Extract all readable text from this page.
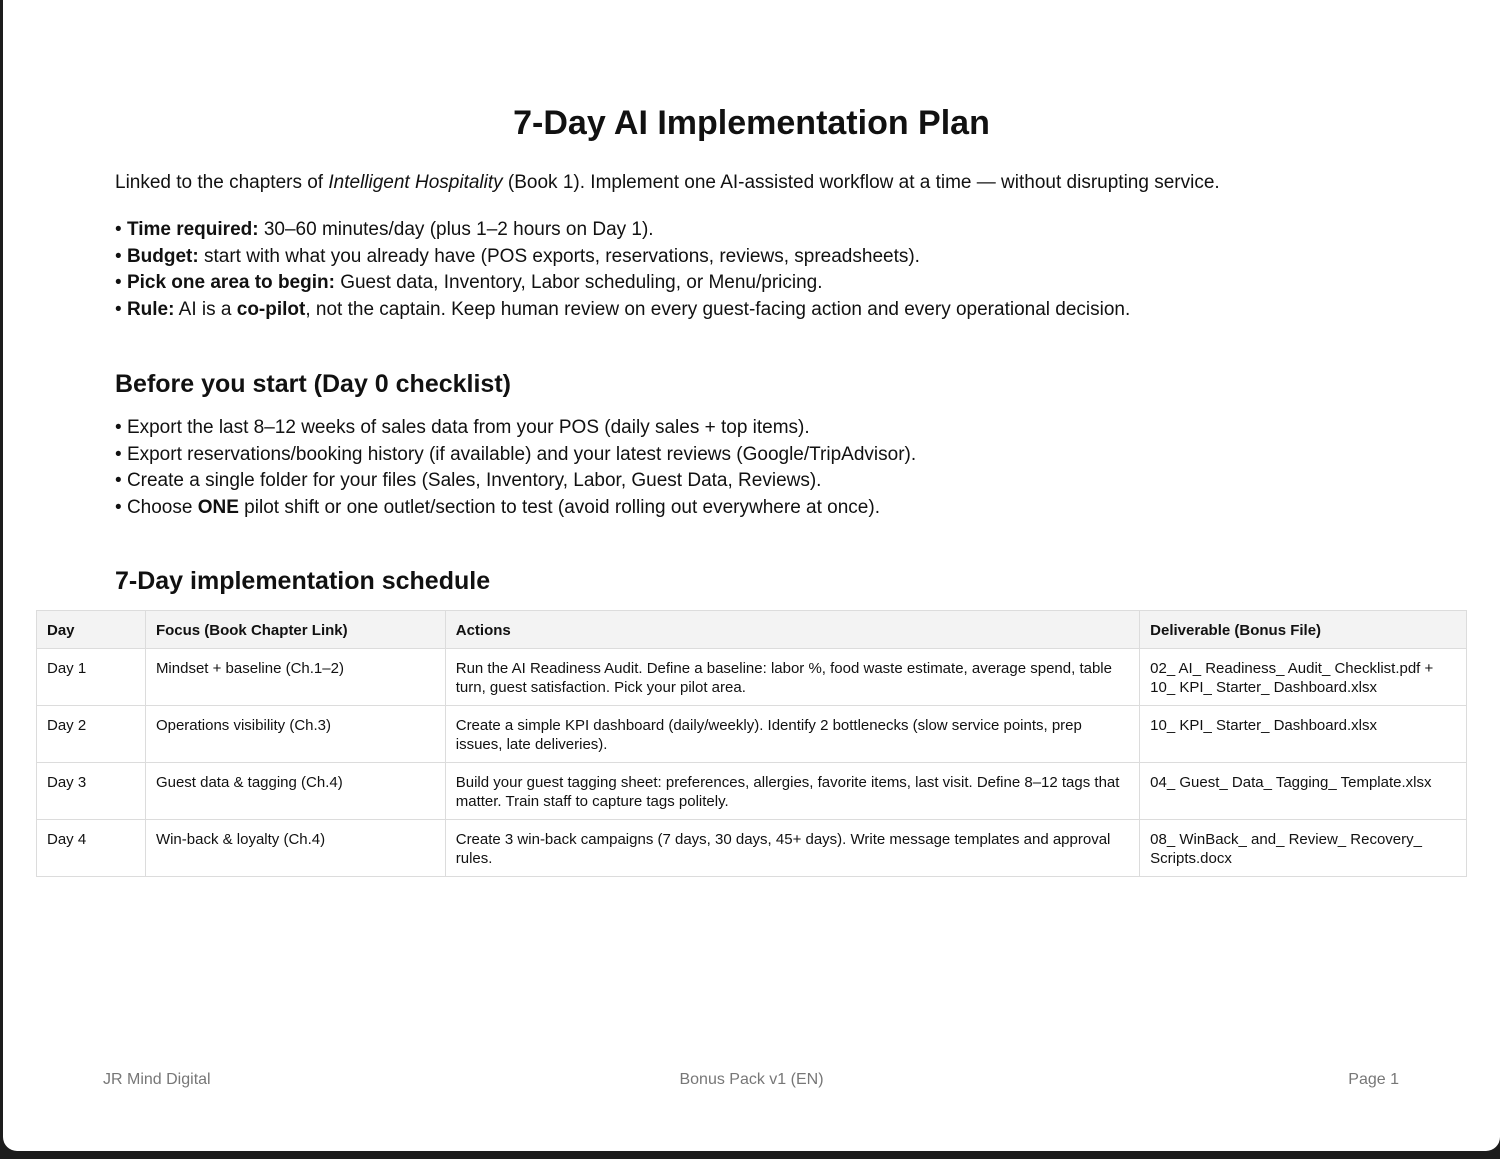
7-Day AI Implementation Plan

Linked to the chapters of Intelligent Hospitality (Book 1). Implement one AI-assisted workflow at a time — without disrupting service.

• Time required: 30–60 minutes/day (plus 1–2 hours on Day 1).
• Budget: start with what you already have (POS exports, reservations, reviews, spreadsheets).
• Pick one area to begin: Guest data, Inventory, Labor scheduling, or Menu/pricing.
• Rule: AI is a co-pilot, not the captain. Keep human review on every guest-facing action and every operational decision.
Before you start (Day 0 checklist)
• Export the last 8–12 weeks of sales data from your POS (daily sales + top items).
• Export reservations/booking history (if available) and your latest reviews (Google/TripAdvisor).
• Create a single folder for your files (Sales, Inventory, Labor, Guest Data, Reviews).
• Choose ONE pilot shift or one outlet/section to test (avoid rolling out everywhere at once).
7-Day implementation schedule
Day	Focus (Book Chapter Link)	Actions	Deliverable (Bonus File)
Day 1	Mindset + baseline (Ch.1–2)	Run the AI Readiness Audit. Define a baseline: labor %, food waste estimate, average spend, table turn, guest satisfaction. Pick your pilot area.	02_ AI_ Readiness_ Audit_ Checklist.pdf + 10_ KPI_ Starter_ Dashboard.xlsx
Day 2	Operations visibility (Ch.3)	Create a simple KPI dashboard (daily/weekly). Identify 2 bottlenecks (slow service points, prep issues, late deliveries).	10_ KPI_ Starter_ Dashboard.xlsx
Day 3	Guest data & tagging (Ch.4)	Build your guest tagging sheet: preferences, allergies, favorite items, last visit. Define 8–12 tags that matter. Train staff to capture tags politely.	04_ Guest_ Data_ Tagging_ Template.xlsx
Day 4	Win-back & loyalty (Ch.4)	Create 3 win-back campaigns (7 days, 30 days, 45+ days). Write message templates and approval rules.	08_ WinBack_ and_ Review_ Recovery_ Scripts.docx
JR Mind Digital	Bonus Pack v1 (EN)	Page 1
